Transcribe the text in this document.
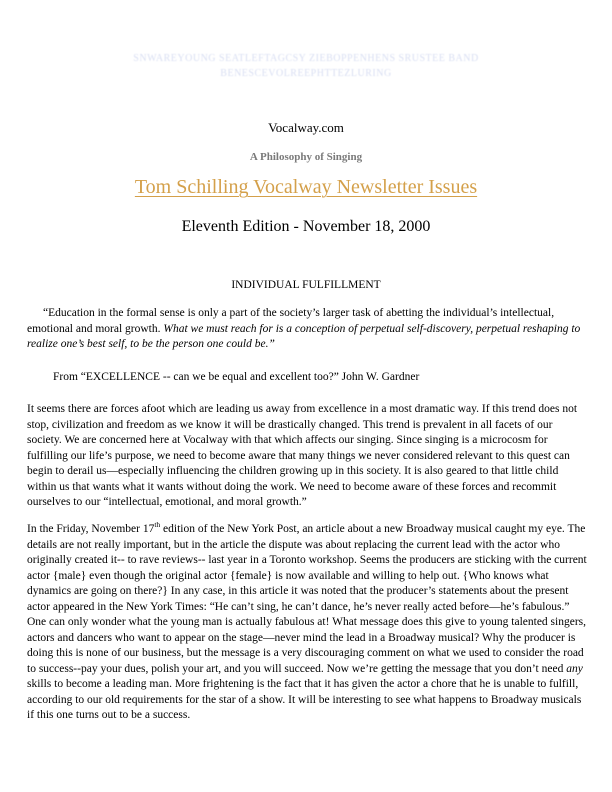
SNWAREYOUNG SEATLEFTAGCSY ZIEBOPPENHENS SRUSTEE BAND
BENESCEVOLREEPHTTEZLURING
Vocalway.com
A Philosophy of Singing
Tom Schilling Vocalway Newsletter Issues
Eleventh Edition - November 18, 2000
INDIVIDUAL FULFILLMENT
“Education in the formal sense is only a part of the society’s larger task of abetting the individual’s intellectual, emotional and moral growth. What we must reach for is a conception of perpetual self-discovery, perpetual reshaping to realize one’s best self, to be the person one could be.”
From “EXCELLENCE -- can we be equal and excellent too?” John W. Gardner
It seems there are forces afoot which are leading us away from excellence in a most dramatic way. If this trend does not stop, civilization and freedom as we know it will be drastically changed. This trend is prevalent in all facets of our society. We are concerned here at Vocalway with that which affects our singing. Since singing is a microcosm for fulfilling our life’s purpose, we need to become aware that many things we never considered relevant to this quest can begin to derail us—especially influencing the children growing up in this society. It is also geared to that little child within us that wants what it wants without doing the work. We need to become aware of these forces and recommit ourselves to our “intellectual, emotional, and moral growth.”
In the Friday, November 17th edition of the New York Post, an article about a new Broadway musical caught my eye. The details are not really important, but in the article the dispute was about replacing the current lead with the actor who originally created it-- to rave reviews-- last year in a Toronto workshop. Seems the producers are sticking with the current actor {male} even though the original actor {female} is now available and willing to help out. {Who knows what dynamics are going on there?} In any case, in this article it was noted that the producer’s statements about the present actor appeared in the New York Times: “He can’t sing, he can’t dance, he’s never really acted before—he’s fabulous.” One can only wonder what the young man is actually fabulous at! What message does this give to young talented singers, actors and dancers who want to appear on the stage—never mind the lead in a Broadway musical? Why the producer is doing this is none of our business, but the message is a very discouraging comment on what we used to consider the road to success--pay your dues, polish your art, and you will succeed. Now we’re getting the message that you don’t need any skills to become a leading man. More frightening is the fact that it has given the actor a chore that he is unable to fulfill, according to our old requirements for the star of a show. It will be interesting to see what happens to Broadway musicals if this one turns out to be a success.
